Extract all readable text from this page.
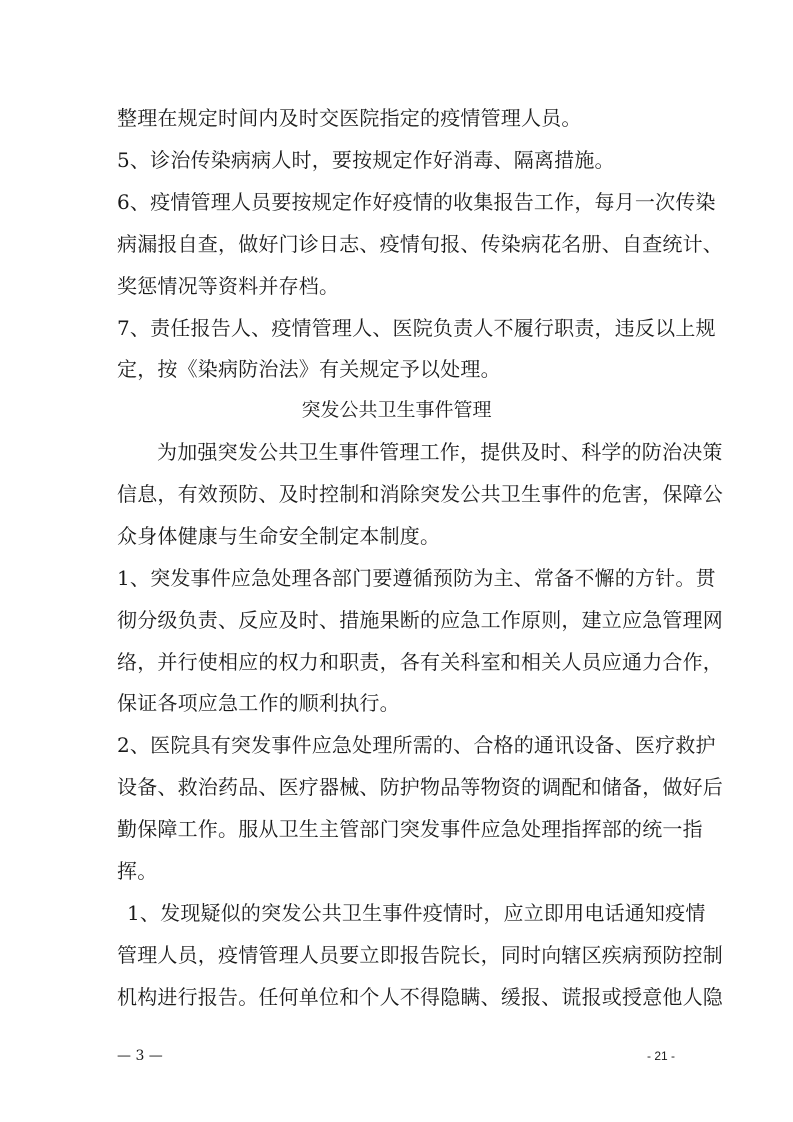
整理在规定时间内及时交医院指定的疫情管理人员。
5、诊治传染病病人时，要按规定作好消毒、隔离措施。
6、疫情管理人员要按规定作好疫情的收集报告工作，每月一次传染
病漏报自查，做好门诊日志、疫情旬报、传染病花名册、自查统计、
奖惩情况等资料并存档。
7、责任报告人、疫情管理人、医院负责人不履行职责，违反以上规
定，按《染病防治法》有关规定予以处理。
突发公共卫生事件管理
为加强突发公共卫生事件管理工作，提供及时、科学的防治决策
信息，有效预防、及时控制和消除突发公共卫生事件的危害，保障公
众身体健康与生命安全制定本制度。
1、突发事件应急处理各部门要遵循预防为主、常备不懈的方针。贯
彻分级负责、反应及时、措施果断的应急工作原则，建立应急管理网
络，并行使相应的权力和职责，各有关科室和相关人员应通力合作，
保证各项应急工作的顺利执行。
2、医院具有突发事件应急处理所需的、合格的通讯设备、医疗救护
设备、救治药品、医疗器械、防护物品等物资的调配和储备，做好后
勤保障工作。服从卫生主管部门突发事件应急处理指挥部的统一指
挥。
1、发现疑似的突发公共卫生事件疫情时，应立即用电话通知疫情
管理人员，疫情管理人员要立即报告院长，同时向辖区疾病预防控制
机构进行报告。任何单位和个人不得隐瞒、缓报、谎报或授意他人隐
— 3 —	- 21 -
